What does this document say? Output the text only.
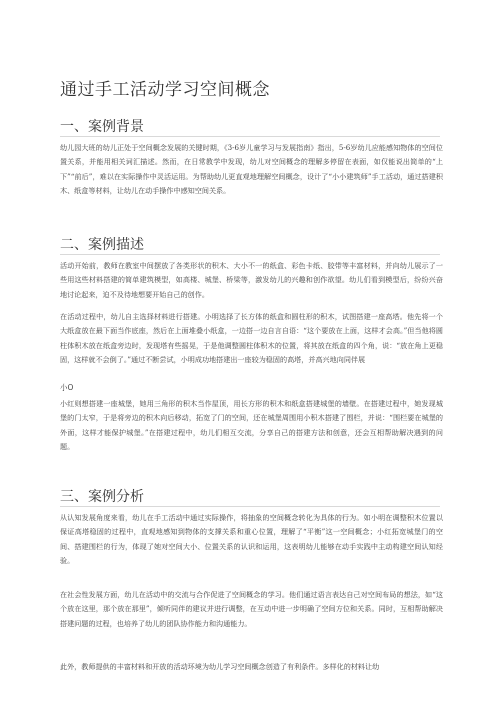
通过手工活动学习空间概念
一、案例背景

幼儿园大班的幼儿正处于空间概念发展的关键时期，《3-6岁儿童学习与发展指南》指出，5-6岁幼儿应能感知物体的空间位置关系，并能用相关词汇描述。然而，在日常教学中发现，幼儿对空间概念的理解多停留在表面，如仅能说出简单的“上下”“前后”，难以在实际操作中灵活运用。为帮助幼儿更直观地理解空间概念，设计了“小小建筑师”手工活动，通过搭建积木、纸盒等材料，让幼儿在动手操作中感知空间关系。

二、案例描述

活动开始前，教师在教室中间摆放了各类形状的积木、大小不一的纸盒、彩色卡纸、胶带等丰富材料，并向幼儿展示了一些用这些材料搭建的简单建筑模型，如高楼、城堡、桥梁等，激发幼儿的兴趣和创作欲望。幼儿们看到模型后，纷纷兴奋地讨论起来，迫不及待地想要开始自己的创作。

在活动过程中，幼儿自主选择材料进行搭建。小明选择了长方体的纸盒和圆柱形的积木，试图搭建一座高塔。他先将一个大纸盒放在最下面当作底座，然后在上面堆叠小纸盒，一边搭一边自言自语：“这个要放在上面，这样才会高。”但当他将圆柱体积木放在纸盒旁边时，发现塔有些摇晃，于是他调整圆柱体积木的位置，将其放在纸盒的四个角，说：“放在角上更稳固，这样就不会倒了。”通过不断尝试，小明成功地搭建出一座较为稳固的高塔，并高兴地向同伴展

小O

小红则想搭建一座城堡，她用三角形的积木当作屋顶，用长方形的积木和纸盒搭建城堡的墙壁。在搭建过程中，她发现城堡的门太窄，于是将旁边的积木向后移动，拓宽了门的空间，还在城堡周围用小积木搭建了围栏，并说：“围栏要在城堡的外面，这样才能保护城堡。”在搭建过程中，幼儿们相互交流，分享自己的搭建方法和创意，还会互相帮助解决遇到的问题。

三、案例分析

从认知发展角度来看，幼儿在手工活动中通过实际操作，将抽象的空间概念转化为具体的行为。如小明在调整积木位置以保证高塔稳固的过程中，直观地感知到物体的支撑关系和重心位置，理解了“平衡”这一空间概念；小红拓宽城堡门的空间、搭建围栏的行为，体现了她对空间大小、位置关系的认识和运用，这表明幼儿能够在动手实践中主动构建空间认知经验。

在社会性发展方面，幼儿在活动中的交流与合作促进了空间概念的学习。他们通过语言表达自己对空间布局的想法，如“这个放在这里，那个放在那里”，倾听同伴的建议并进行调整，在互动中进一步明确了空间方位和关系。同时，互相帮助解决搭建问题的过程，也培养了幼儿的团队协作能力和沟通能力。

此外，教师提供的丰富材料和开放的活动环境为幼儿学习空间概念创造了有利条件。多样化的材料让幼
